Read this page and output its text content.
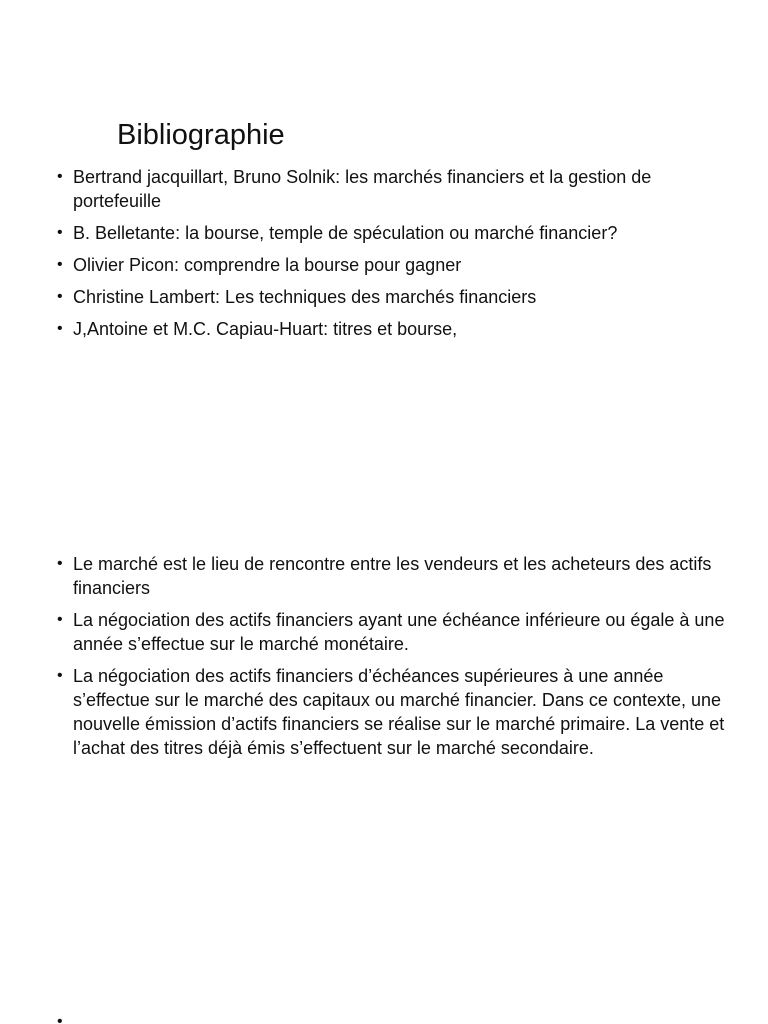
Bibliographie
• Bertrand jacquillart, Bruno Solnik: les marchés financiers et la gestion de portefeuille
• B. Belletante: la bourse, temple de spéculation ou marché financier?
• Olivier Picon: comprendre la bourse pour gagner
• Christine Lambert: Les techniques des marchés financiers
• J,Antoine et M.C. Capiau-Huart: titres et bourse,
• Le marché est le lieu de rencontre entre les vendeurs et les acheteurs des actifs financiers
• La négociation des actifs financiers ayant une échéance inférieure ou égale à une année s’effectue sur le marché monétaire.
• La négociation des actifs financiers d’échéances supérieures à une année s’effectue sur le marché des capitaux ou marché financier. Dans ce contexte, une nouvelle émission d’actifs financiers se réalise sur le marché primaire. La vente et l’achat des titres déjà émis s’effectuent sur le marché secondaire.
•
